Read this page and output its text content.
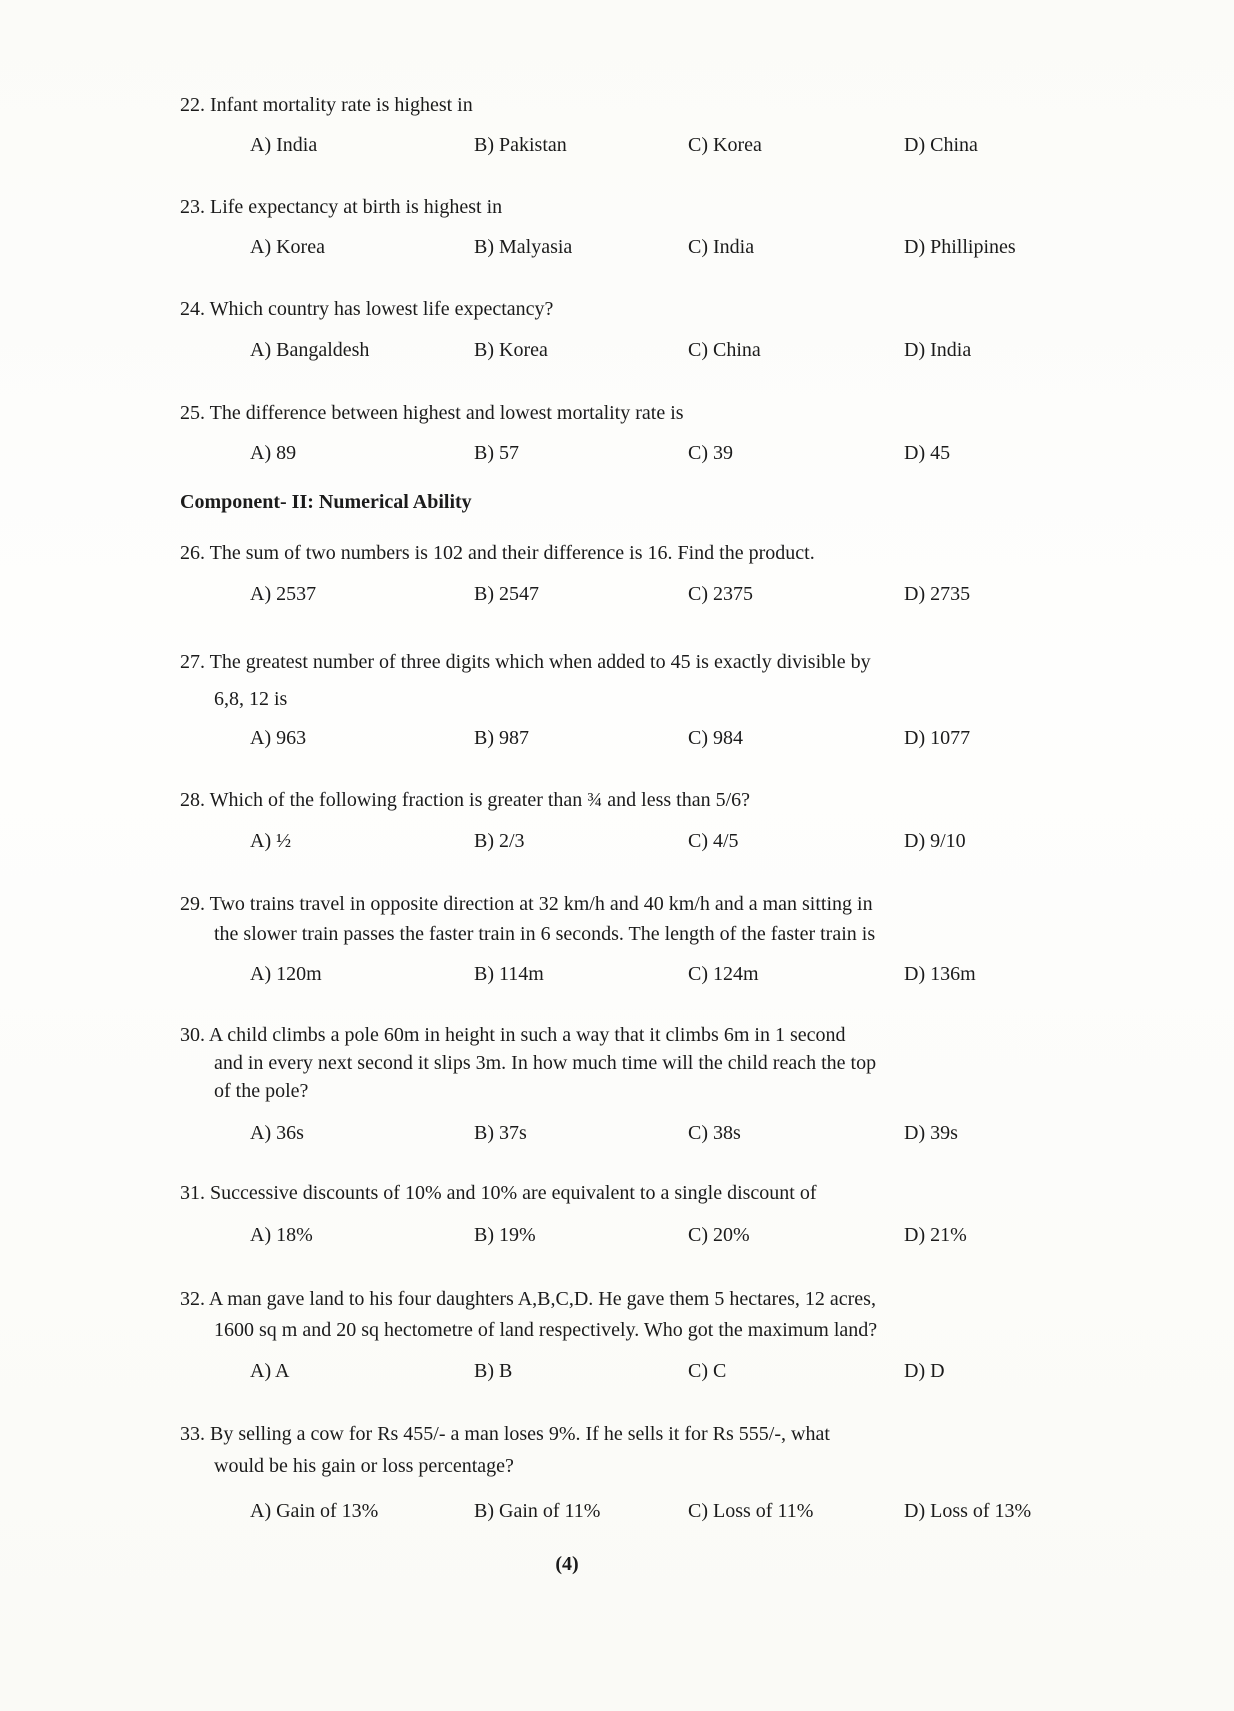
22. Infant mortality rate is highest in
A) India	B) Pakistan	C) Korea	D) China
23. Life expectancy at birth is highest in
A) Korea	B) Malyasia	C) India	D) Phillipines
24. Which country has lowest life expectancy?
A) Bangaldesh	B) Korea	C) China	D) India
25. The difference between highest and lowest mortality rate is
A) 89	B) 57	C) 39	D) 45
Component- II: Numerical Ability
26. The sum of two numbers is 102 and their difference is 16. Find the product.
A) 2537	B) 2547	C) 2375	D) 2735
27. The greatest number of three digits which when added to 45 is exactly divisible by
6,8, 12 is
A) 963	B) 987	C) 984	D) 1077
28. Which of the following fraction is greater than ¾ and less than 5/6?
A) ½	B) 2/3	C) 4/5	D) 9/10
29. Two trains travel in opposite direction at 32 km/h and 40 km/h and a man sitting in
the slower train passes the faster train in 6 seconds. The length of the faster train is
A) 120m	B) 114m	C) 124m	D) 136m
30. A child climbs a pole 60m in height in such a way that it climbs 6m in 1 second
and in every next second it slips 3m. In how much time will the child reach the top
of the pole?
A) 36s	B) 37s	C) 38s	D) 39s
31. Successive discounts of 10% and 10% are equivalent to a single discount of
A) 18%	B) 19%	C) 20%	D) 21%
32. A man gave land to his four daughters A,B,C,D. He gave them 5 hectares, 12 acres,
1600 sq m and 20 sq hectometre of land respectively. Who got the maximum land?
A) A	B) B	C) C	D) D
33. By selling a cow for Rs 455/- a man loses 9%. If he sells it for Rs 555/-, what
would be his gain or loss percentage?
A) Gain of 13%	B) Gain of 11%	C) Loss of 11%	D) Loss of 13%
(4)
